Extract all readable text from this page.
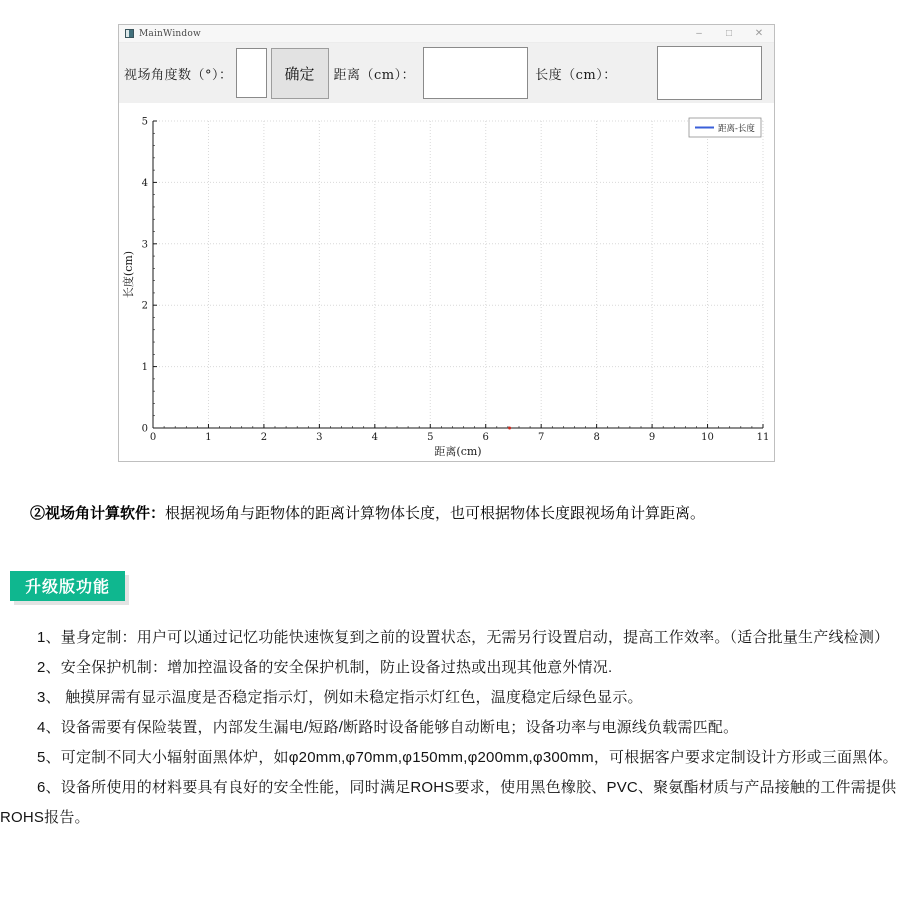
MainWindow	–	□	✕
视场角度数（°）：	确定	距离（cm）：	长度（cm）：
0	1	2	3	4	5	6	7	8	9	10	11
0
1
2
3
4
5
距离(cm)
长度(cm)
距离-长度
②视场角计算软件：根据视场角与距物体的距离计算物体长度，也可根据物体长度跟视场角计算距离。
升级版功能

1、量身定制：用户可以通过记忆功能快速恢复到之前的设置状态，无需另行设置启动，提高工作效率。（适合批量生产线检测）

2、安全保护机制：增加控温设备的安全保护机制，防止设备过热或出现其他意外情况.

3、 触摸屏需有显示温度是否稳定指示灯，例如未稳定指示灯红色，温度稳定后绿色显示。

4、设备需要有保险装置，内部发生漏电/短路/断路时设备能够自动断电；设备功率与电源线负载需匹配。

5、可定制不同大小辐射面黑体炉，如φ20mm,φ70mm,φ150mm,φ200mm,φ300mm，可根据客户要求定制设计方形或三面黑体。

6、设备所使用的材料要具有良好的安全性能，同时满足ROHS要求，使用黑色橡胶、PVC、聚氨酯材质与产品接触的工件需提供ROHS报告。
